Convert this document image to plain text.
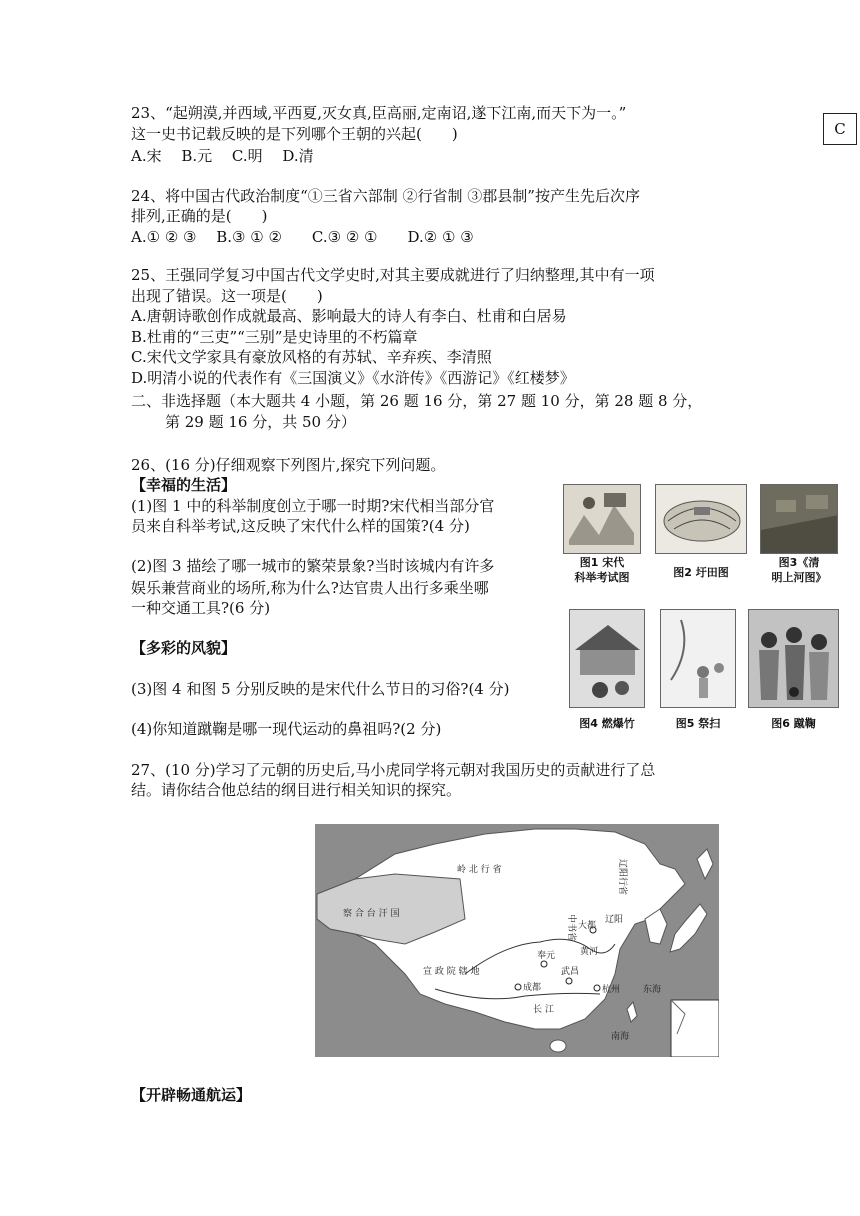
C
23、“起朔漠,并西域,平西夏,灭女真,臣高丽,定南诏,遂下江南,而天下为一。”
这一史书记载反映的是下列哪个王朝的兴起(　　)
A.宋　 B.元　 C.明　 D.清
24、将中国古代政治制度“①三省六部制 ②行省制 ③郡县制”按产生先后次序
排列,正确的是(　　)
A.① ② ③　 B.③ ① ②　　C.③ ② ①　　D.② ① ③
25、王强同学复习中国古代文学史时,对其主要成就进行了归纳整理,其中有一项
出现了错误。这一项是(　　)
A.唐朝诗歌创作成就最高、影响最大的诗人有李白、杜甫和白居易
B.杜甫的“三吏”“三别”是史诗里的不朽篇章
C.宋代文学家具有豪放风格的有苏轼、辛弃疾、李清照
D.明清小说的代表作有《三国演义》《水浒传》《西游记》《红楼梦》
二、非选择题（本大题共 4 小题，第 26 题 16 分，第 27 题 10 分，第 28 题 8 分，
第 29 题 16 分，共 50 分）
26、(16 分)仔细观察下列图片,探究下列问题。
【幸福的生活】
(1)图 1 中的科举制度创立于哪一时期?宋代相当部分官
员来自科举考试,这反映了宋代什么样的国策?(4 分)
(2)图 3 描绘了哪一城市的繁荣景象?当时该城内有许多
娱乐兼营商业的场所,称为什么?达官贵人出行多乘坐哪
一种交通工具?(6 分)
【多彩的风貌】
(3)图 4 和图 5 分别反映的是宋代什么节日的习俗?(4 分)
(4)你知道蹴鞠是哪一现代运动的鼻祖吗?(2 分)
图1 宋代
科举考试图	图2 圩田图
图3《清
明上河图》
图4 燃爆竹	图5 祭扫	图6 蹴鞠
27、(10 分)学习了元朝的历史后,马小虎同学将元朝对我国历史的贡献进行了总
结。请你结合他总结的纲目进行相关知识的探究。
岭 北 行 省
察 合 台 汗 国
辽阳行省
中书省 大都
辽阳
黄河
宣 政 院 辖 地
奉元
成都
武昌
杭州
长 江
东海
南海
【开辟畅通航运】
